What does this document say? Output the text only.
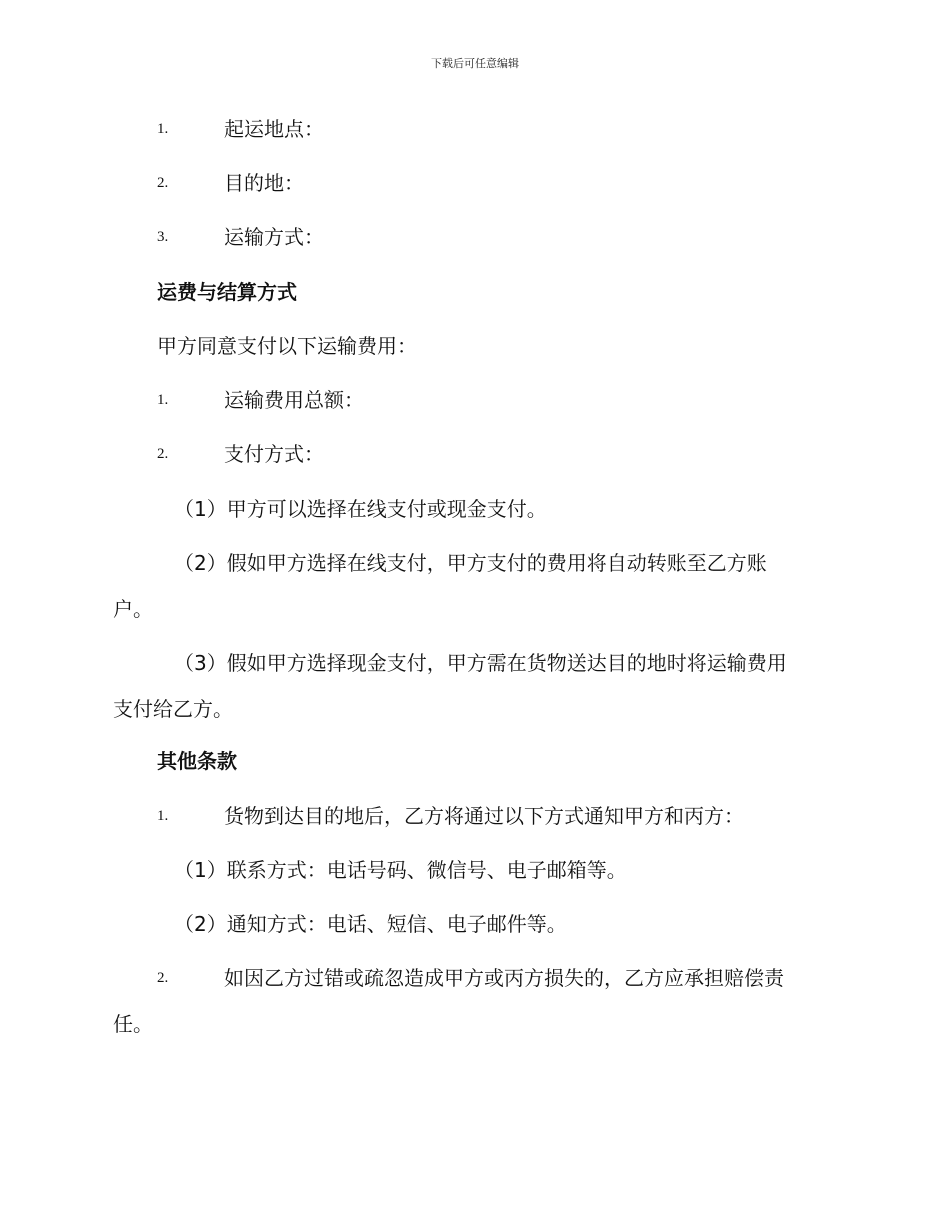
下载后可任意编辑
1.	起运地点：
2.	目的地：
3.	运输方式：
运费与结算方式
甲方同意支付以下运输费用：
1.	运输费用总额：
2.	支付方式：
（1）甲方可以选择在线支付或现金支付。
（2）假如甲方选择在线支付，甲方支付的费用将自动转账至乙方账
户。
（3）假如甲方选择现金支付，甲方需在货物送达目的地时将运输费用
支付给乙方。
其他条款
1.	货物到达目的地后，乙方将通过以下方式通知甲方和丙方：
（1）联系方式：电话号码、微信号、电子邮箱等。
（2）通知方式：电话、短信、电子邮件等。
2.	如因乙方过错或疏忽造成甲方或丙方损失的，乙方应承担赔偿责
任。
